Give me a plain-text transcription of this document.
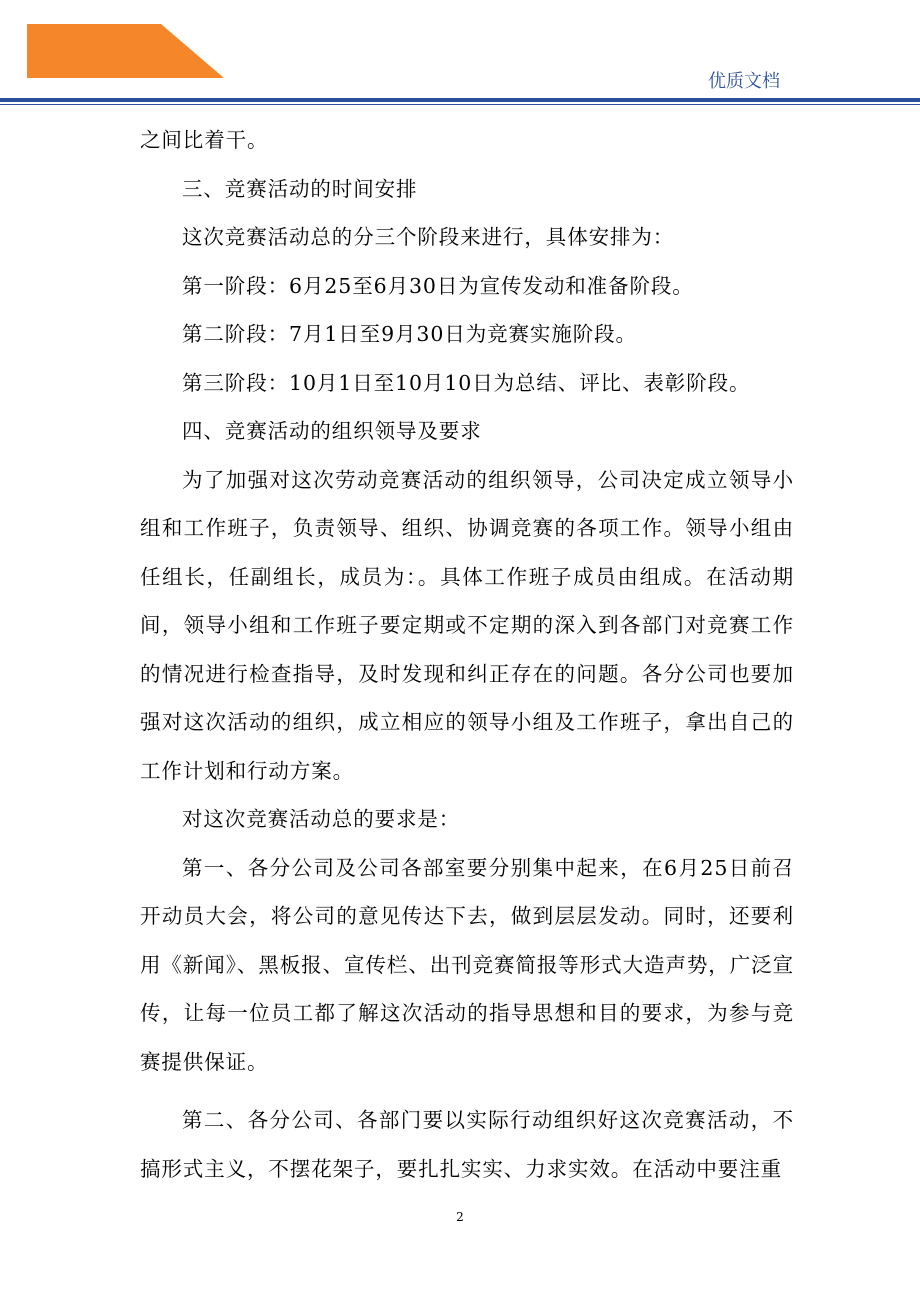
优质文档

之间比着干。

三、竞赛活动的时间安排

这次竞赛活动总的分三个阶段来进行，具体安排为：

第一阶段：6月25至6月30日为宣传发动和准备阶段。

第二阶段：7月1日至9月30日为竞赛实施阶段。

第三阶段：10月1日至10月10日为总结、评比、表彰阶段。

四、竞赛活动的组织领导及要求

为了加强对这次劳动竞赛活动的组织领导，公司决定成立领导小组和工作班子，负责领导、组织、协调竞赛的各项工作。领导小组由任组长，任副组长，成员为：。具体工作班子成员由组成。在活动期间，领导小组和工作班子要定期或不定期的深入到各部门对竞赛工作的情况进行检查指导，及时发现和纠正存在的问题。各分公司也要加强对这次活动的组织，成立相应的领导小组及工作班子，拿出自己的工作计划和行动方案。

对这次竞赛活动总的要求是：

第一、各分公司及公司各部室要分别集中起来，在6月25日前召开动员大会，将公司的意见传达下去，做到层层发动。同时，还要利用《新闻》、黑板报、宣传栏、出刊竞赛简报等形式大造声势，广泛宣传，让每一位员工都了解这次活动的指导思想和目的要求，为参与竞赛提供保证。

第二、各分公司、各部门要以实际行动组织好这次竞赛活动，不搞形式主义，不摆花架子，要扎扎实实、力求实效。在活动中要注重

2
